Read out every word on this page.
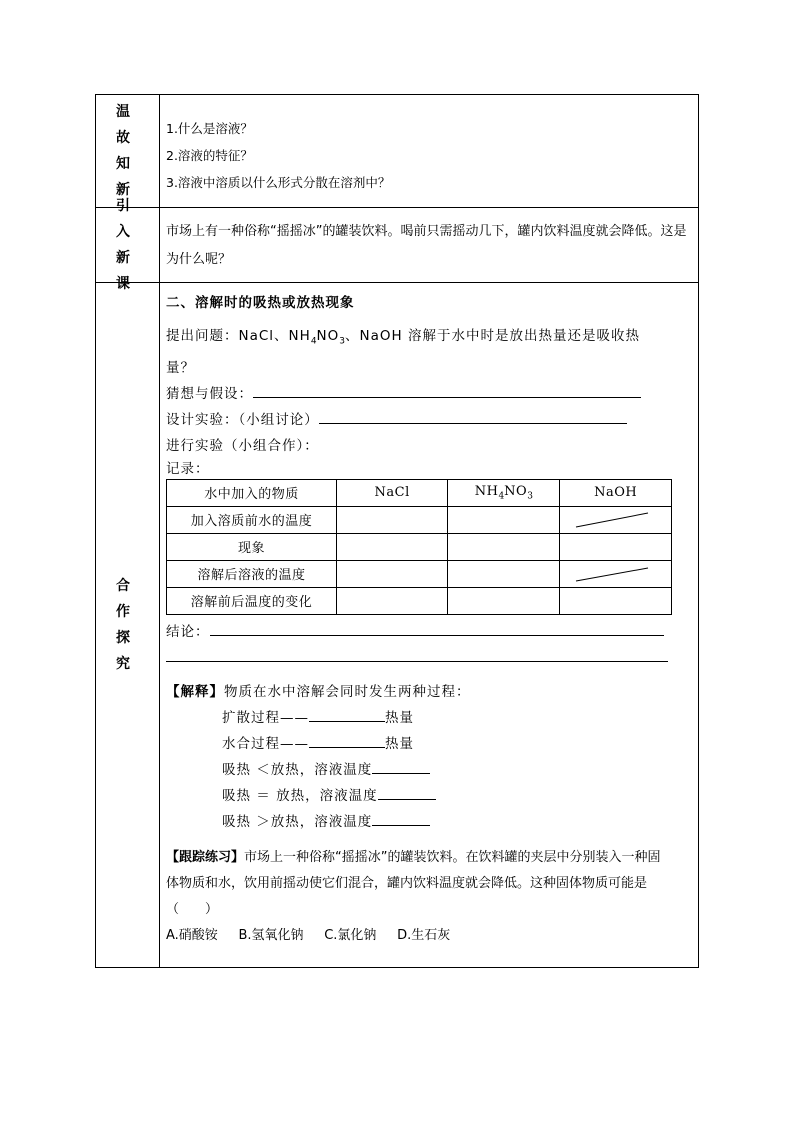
温 故
知 新
1.什么是溶液？
2.溶液的特征？
3.溶液中溶质以什么形式分散在溶剂中？
引 入
新 课
市场上有一种俗称“摇摇冰”的罐装饮料。喝前只需摇动几下，罐内饮料温度就会降低。这是为什么呢？
合 作
探 究
二、溶解时的吸热或放热现象
提出问题：NaCl、$NH_4NO_3$、NaOH 溶解于水中时是放出热量还是吸收热
量？
猜想与假设：
设计实验：（小组讨论）
进行实验（小组合作）：
记录：
水中加入的物质	NaCl	$NH_4NO_3$	NaOH
加入溶质前水的温度			

现象			
溶解后溶液的温度			

溶解前后温度的变化			
结论：
【解释】物质在水中溶解会同时发生两种过程：
扩散过程——	热量
水合过程——	热量
吸热 ＜放热，溶液温度
吸热 ＝ 放热，溶液温度
吸热 ＞放热，溶液温度
【跟踪练习】市场上一种俗称“摇摇冰”的罐装饮料。在饮料罐的夹层中分别装入一种固
体物质和水，饮用前摇动使它们混合，罐内饮料温度就会降低。这种固体物质可能是
（　　）
A.硝酸铵 B.氢氧化钠 C.氯化钠 D.生石灰
